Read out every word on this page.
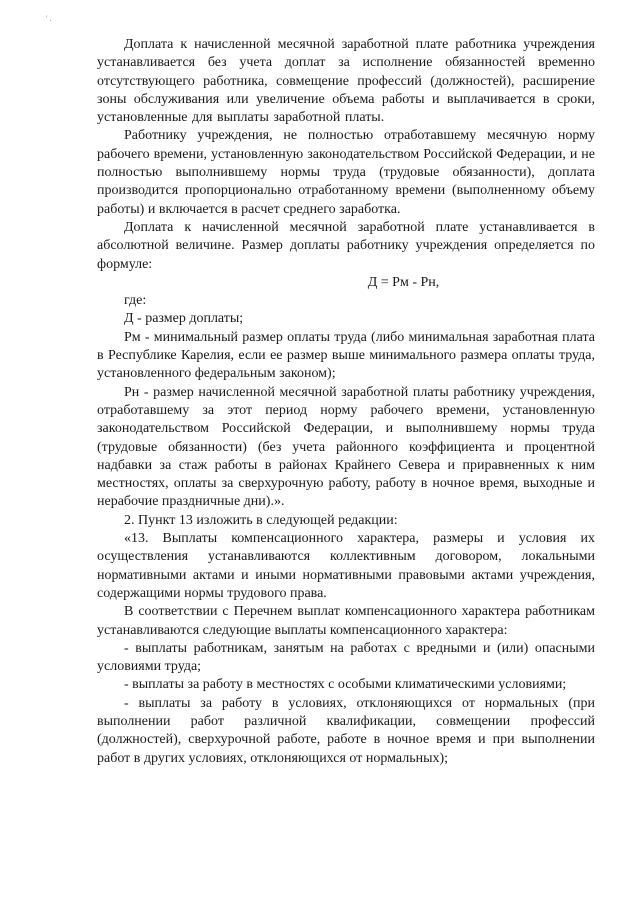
' .

Доплата к начисленной месячной заработной плате работника учреждения устанавливается без учета доплат за исполнение обязанностей временно отсутствующего работника, совмещение профессий (должностей), расширение зоны обслуживания или увеличение объема работы и выплачивается в сроки, установленные для выплаты заработной платы.

Работнику учреждения, не полностью отработавшему месячную норму рабочего времени, установленную законодательством Российской Федерации, и не полностью выполнившему нормы труда (трудовые обязанности), доплата производится пропорционально отработанному времени (выполненному объему работы) и включается в расчет среднего заработка.

Доплата к начисленной месячной заработной плате устанавливается в абсолютной величине. Размер доплаты работнику учреждения определяется по формуле:

Д = Рм - Рн,

где:

Д - размер доплаты;

Рм - минимальный размер оплаты труда (либо минимальная заработная плата в Республике Карелия, если ее размер выше минимального размера оплаты труда, установленного федеральным законом);

Рн - размер начисленной месячной заработной платы работнику учреждения, отработавшему за этот период норму рабочего времени, установленную законодательством Российской Федерации, и выполнившему нормы труда (трудовые обязанности) (без учета районного коэффициента и процентной надбавки за стаж работы в районах Крайнего Севера и приравненных к ним местностях, оплаты за сверхурочную работу, работу в ночное время, выходные и нерабочие праздничные дни).».

2. Пункт 13 изложить в следующей редакции:

«13. Выплаты компенсационного характера, размеры и условия их осуществления устанавливаются коллективным договором, локальными нормативными актами и иными нормативными правовыми актами учреждения, содержащими нормы трудового права.

В соответствии с Перечнем выплат компенсационного характера работникам устанавливаются следующие выплаты компенсационного характера:

- выплаты работникам, занятым на работах с вредными и (или) опасными условиями труда;

- выплаты за работу в местностях с особыми климатическими условиями;

- выплаты за работу в условиях, отклоняющихся от нормальных (при выполнении работ различной квалификации, совмещении профессий (должностей), сверхурочной работе, работе в ночное время и при выполнении работ в других условиях, отклоняющихся от нормальных);
